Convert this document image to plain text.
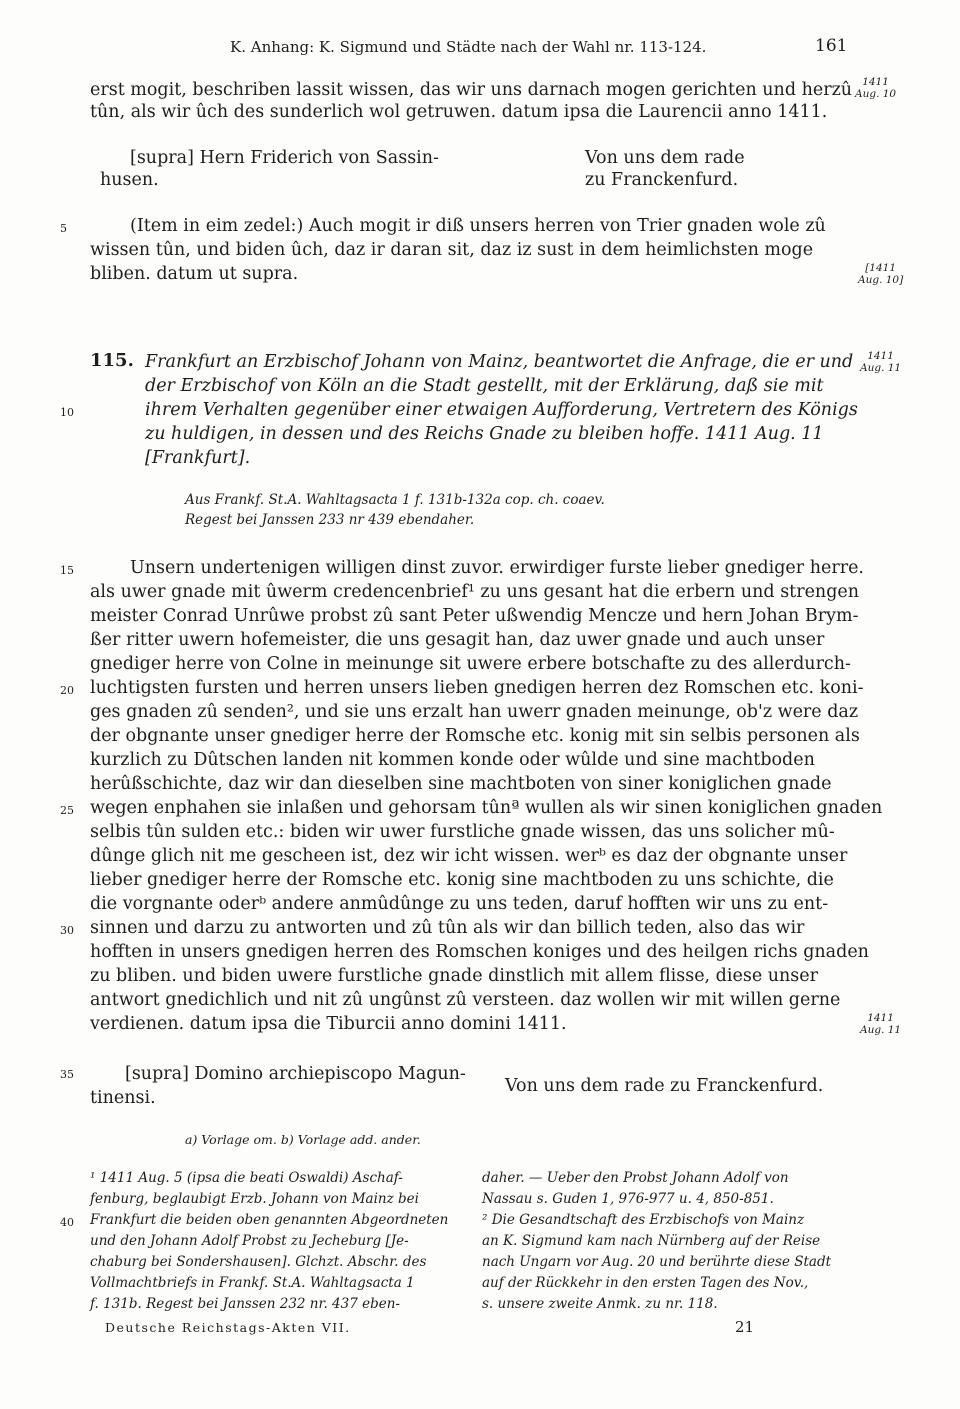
K. Anhang: K. Sigmund und Städte nach der Wahl nr. 113-124.	161
erst mogit, beschriben lassit wissen, das wir uns darnach mogen gerichten und herzû
tûn, als wir ûch des sunderlich wol getruwen. datum ipsa die Laurencii anno 1411.
1411
Aug. 10
[supra] Hern Friderich von Sassin-
husen.
Von uns dem rade
zu Franckenfurd.
5	(Item in eim zedel:) Auch mogit ir diß unsers herren von Trier gnaden wole zû
wissen tûn, und biden ûch, daz ir daran sit, daz iz sust in dem heimlichsten moge
bliben. datum ut supra.	[1411
Aug. 10]
115. Frankfurt an Erzbischof Johann von Mainz, beantwortet die Anfrage, die er und
der Erzbischof von Köln an die Stadt gestellt, mit der Erklärung, daß sie mit
10	ihrem Verhalten gegenüber einer etwaigen Aufforderung, Vertretern des Königs
zu huldigen, in dessen und des Reichs Gnade zu bleiben hoffe. 1411 Aug. 11
[Frankfurt].
1411
Aug. 11
Aus Frankf. St.A. Wahltagsacta 1 f. 131b-132a cop. ch. coaev.
Regest bei Janssen 233 nr 439 ebendaher.
15	Unsern undertenigen willigen dinst zuvor. erwirdiger furste lieber gnediger herre.
als uwer gnade mit ûwerm credencenbrief¹ zu uns gesant hat die erbern und strengen
meister Conrad Unrûwe probst zû sant Peter ußwendig Mencze und hern Johan Brym-
ßer ritter uwern hofemeister, die uns gesagit han, daz uwer gnade und auch unser
gnediger herre von Colne in meinunge sit uwere erbere botschafte zu des allerdurch-
20 luchtigsten fursten und herren unsers lieben gnedigen herren dez Romschen etc. koni-
ges gnaden zû senden², und sie uns erzalt han uwerr gnaden meinunge, ob'z were daz
der obgnante unser gnediger herre der Romsche etc. konig mit sin selbis personen als
kurzlich zu Dûtschen landen nit kommen konde oder wûlde und sine machtboden
herûßschichte, daz wir dan dieselben sine machtboten von siner koniglichen gnade
25 wegen enphahen sie inlaßen und gehorsam tûnª wullen als wir sinen koniglichen gnaden
selbis tûn sulden etc.: biden wir uwer furstliche gnade wissen, das uns solicher mû-
dûnge glich nit me gescheen ist, dez wir icht wissen. werᵇ es daz der obgnante unser
lieber gnediger herre der Romsche etc. konig sine machtboden zu uns schichte, die
die vorgnante oderᵇ andere anmûdûnge zu uns teden, daruf hofften wir uns zu ent-
30 sinnen und darzu zu antworten und zû tûn als wir dan billich teden, also das wir
hofften in unsers gnedigen herren des Romschen koniges und des heilgen richs gnaden
zu bliben. und biden uwere furstliche gnade dinstlich mit allem flisse, diese unser
antwort gnedichlich und nit zû ungûnst zû versteen. daz wollen wir mit willen gerne
verdienen. datum ipsa die Tiburcii anno domini 1411.	1411
Aug. 11
35	[supra] Domino archiepiscopo Magun-
tinensi.
Von uns dem rade zu Franckenfurd.
a) Vorlage om. b) Vorlage add. ander.
¹ 1411 Aug. 5 (ipsa die beati Oswaldi) Aschaf-
fenburg, beglaubigt Erzb. Johann von Mainz bei
40 Frankfurt die beiden oben genannten Abgeordneten
und den Johann Adolf Probst zu Jecheburg [Je-
chaburg bei Sondershausen]. Glchzt. Abschr. des
Vollmachtbriefs in Frankf. St.A. Wahltagsacta 1
f. 131b. Regest bei Janssen 232 nr. 437 eben-
daher. — Ueber den Probst Johann Adolf von
Nassau s. Guden 1, 976-977 u. 4, 850-851.
² Die Gesandtschaft des Erzbischofs von Mainz
an K. Sigmund kam nach Nürnberg auf der Reise
nach Ungarn vor Aug. 20 und berührte diese Stadt
auf der Rückkehr in den ersten Tagen des Nov.,
s. unsere zweite Anmk. zu nr. 118.
Deutsche Reichstags-Akten VII.	21
